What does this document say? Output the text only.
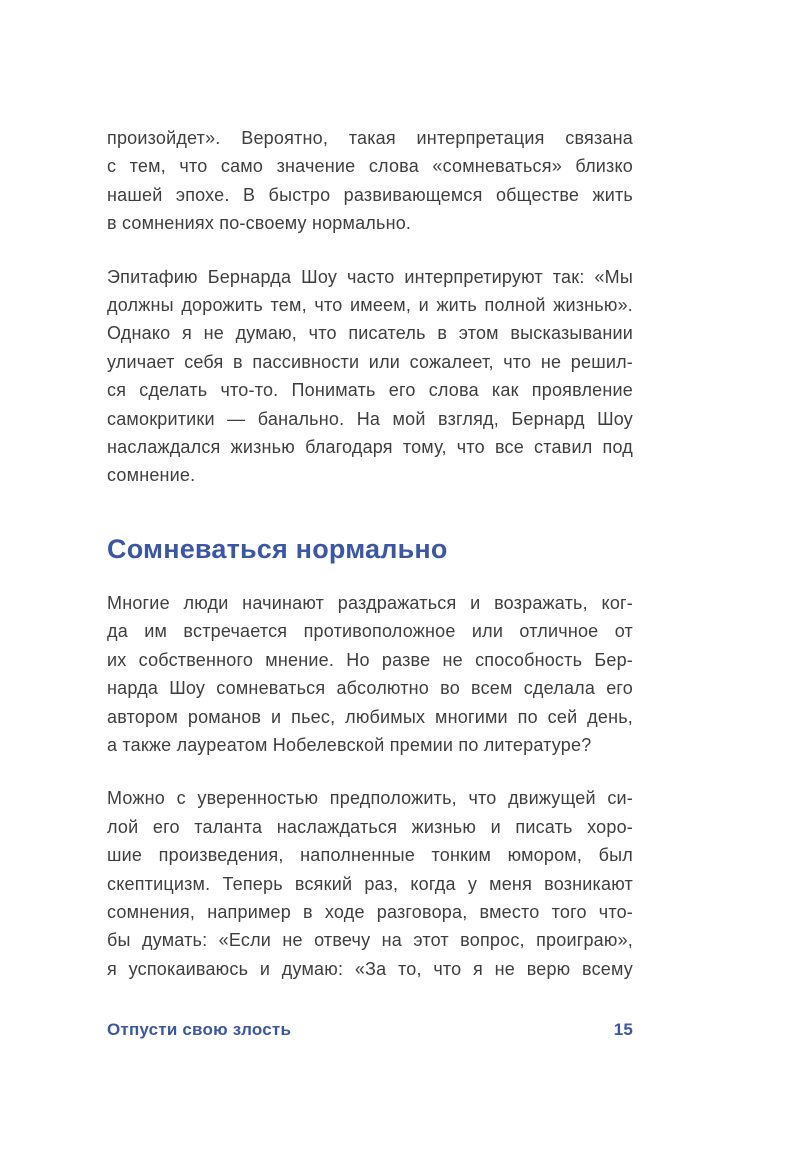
произойдет». Вероятно, такая интерпретация связана
с тем, что само значение слова «сомневаться» близко
нашей эпохе. В быстро развивающемся обществе жить
в сомнениях по-своему нормально.
Эпитафию Бернарда Шоу часто интерпретируют так: «Мы
должны дорожить тем, что имеем, и жить полной жизнью».
Однако я не думаю, что писатель в этом высказывании
уличает себя в пассивности или сожалеет, что не решил-
ся сделать что-то. Понимать его слова как проявление
самокритики — банально. На мой взгляд, Бернард Шоу
наслаждался жизнью благодаря тому, что все ставил под
сомнение.
Сомневаться нормально
Многие люди начинают раздражаться и возражать, ког-
да им встречается противоположное или отличное от
их собственного мнение. Но разве не способность Бер-
нарда Шоу сомневаться абсолютно во всем сделала его
автором романов и пьес, любимых многими по сей день,
а также лауреатом Нобелевской премии по литературе?
Можно с уверенностью предположить, что движущей си-
лой его таланта наслаждаться жизнью и писать хоро-
шие произведения, наполненные тонким юмором, был
скептицизм. Теперь всякий раз, когда у меня возникают
сомнения, например в ходе разговора, вместо того что-
бы думать: «Если не отвечу на этот вопрос, проиграю»,
я успокаиваюсь и думаю: «За то, что я не верю всему
Отпусти свою злость	15
